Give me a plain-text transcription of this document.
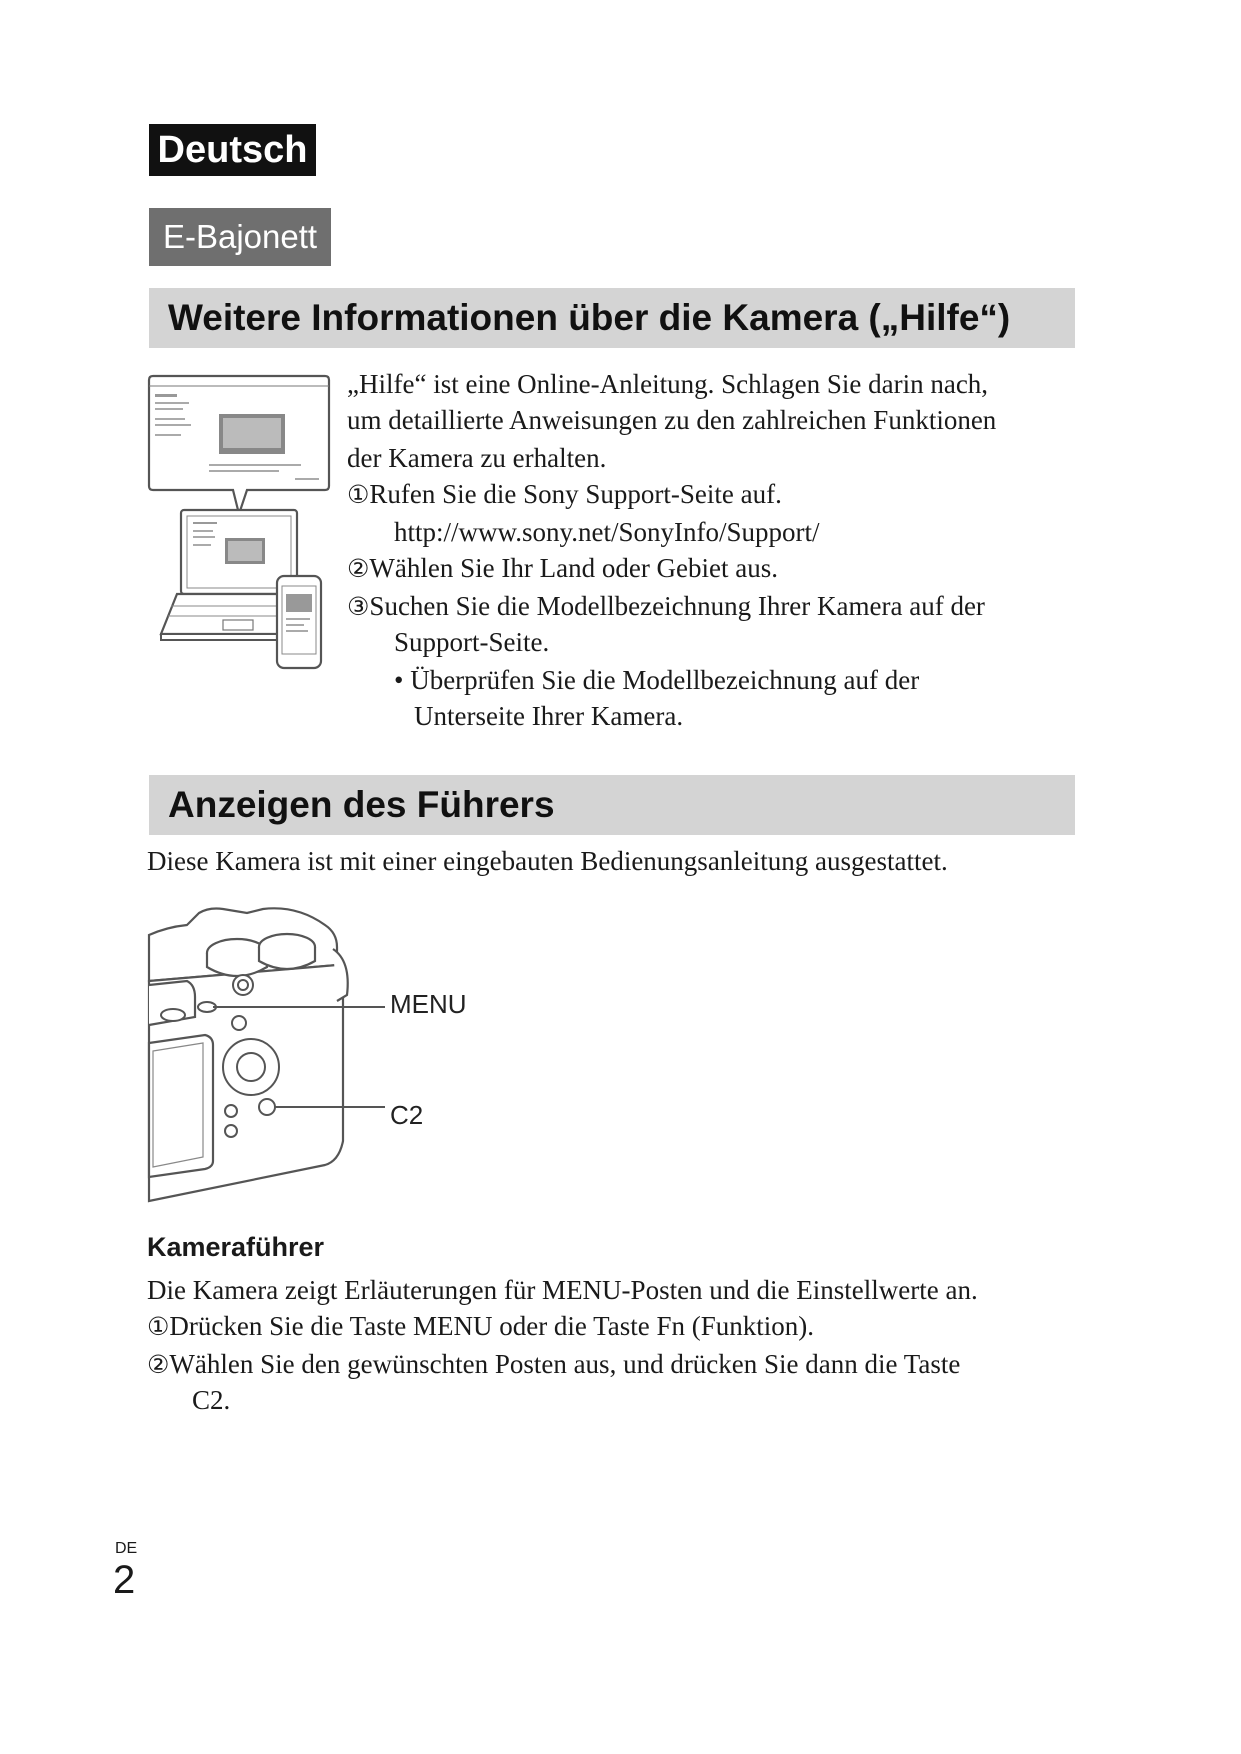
Deutsch
E-Bajonett
Weitere Informationen über die Kamera („Hilfe“)
„Hilfe“ ist eine Online-Anleitung. Schlagen Sie darin nach,
um detaillierte Anweisungen zu den zahlreichen Funktionen
der Kamera zu erhalten.
①Rufen Sie die Sony Support-Seite auf.
http://www.sony.net/SonyInfo/Support/
②Wählen Sie Ihr Land oder Gebiet aus.
③Suchen Sie die Modellbezeichnung Ihrer Kamera auf der
Support-Seite.
• Überprüfen Sie die Modellbezeichnung auf der
Unterseite Ihrer Kamera.
Anzeigen des Führers
Diese Kamera ist mit einer eingebauten Bedienungsanleitung ausgestattet.
MENU
C2
Kameraführer
Die Kamera zeigt Erläuterungen für MENU-Posten und die Einstellwerte an.
①Drücken Sie die Taste MENU oder die Taste Fn (Funktion).
②Wählen Sie den gewünschten Posten aus, und drücken Sie dann die Taste
C2.
DE
2
